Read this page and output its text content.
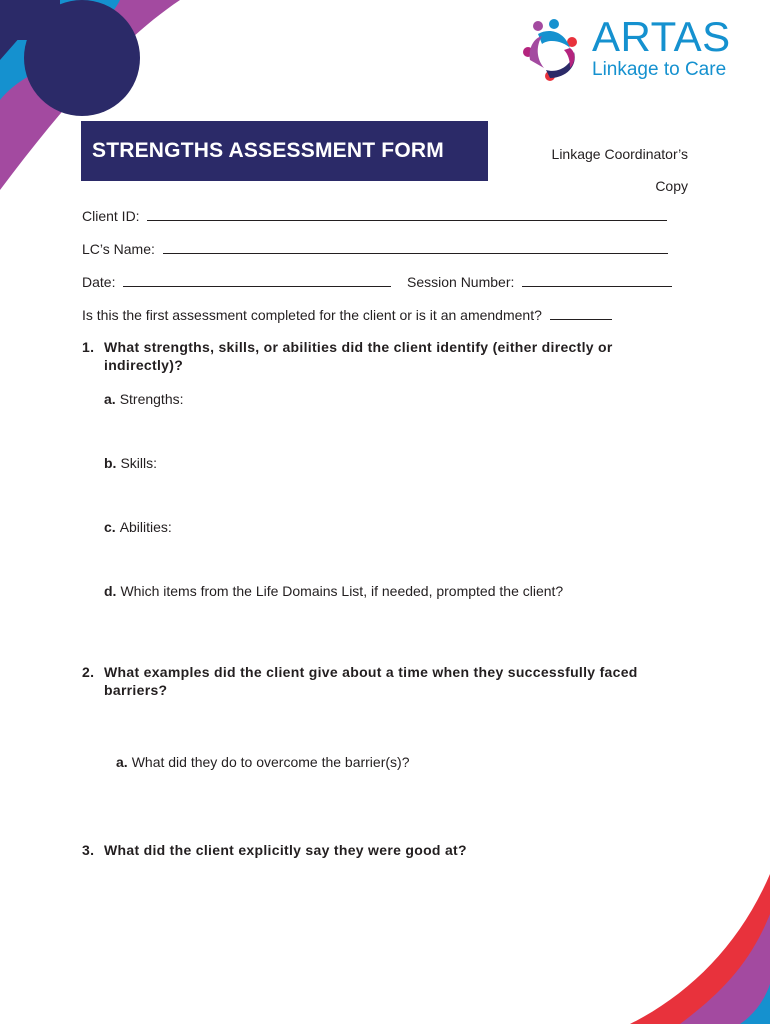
ARTAS
Linkage to Care
STRENGTHS ASSESSMENT FORM	Linkage Coordinator’s
Copy
Client ID:
LC’s Name:
Date:	Session Number:
Is this the first assessment completed for the client or is it an amendment?
1. What strengths, skills, or abilities did the client identify (either directly or indirectly)?
a. Strengths:
b. Skills:
c. Abilities:
d. Which items from the Life Domains List, if needed, prompted the client?
2. What examples did the client give about a time when they successfully faced barriers?
a. What did they do to overcome the barrier(s)?
3. What did the client explicitly say they were good at?
